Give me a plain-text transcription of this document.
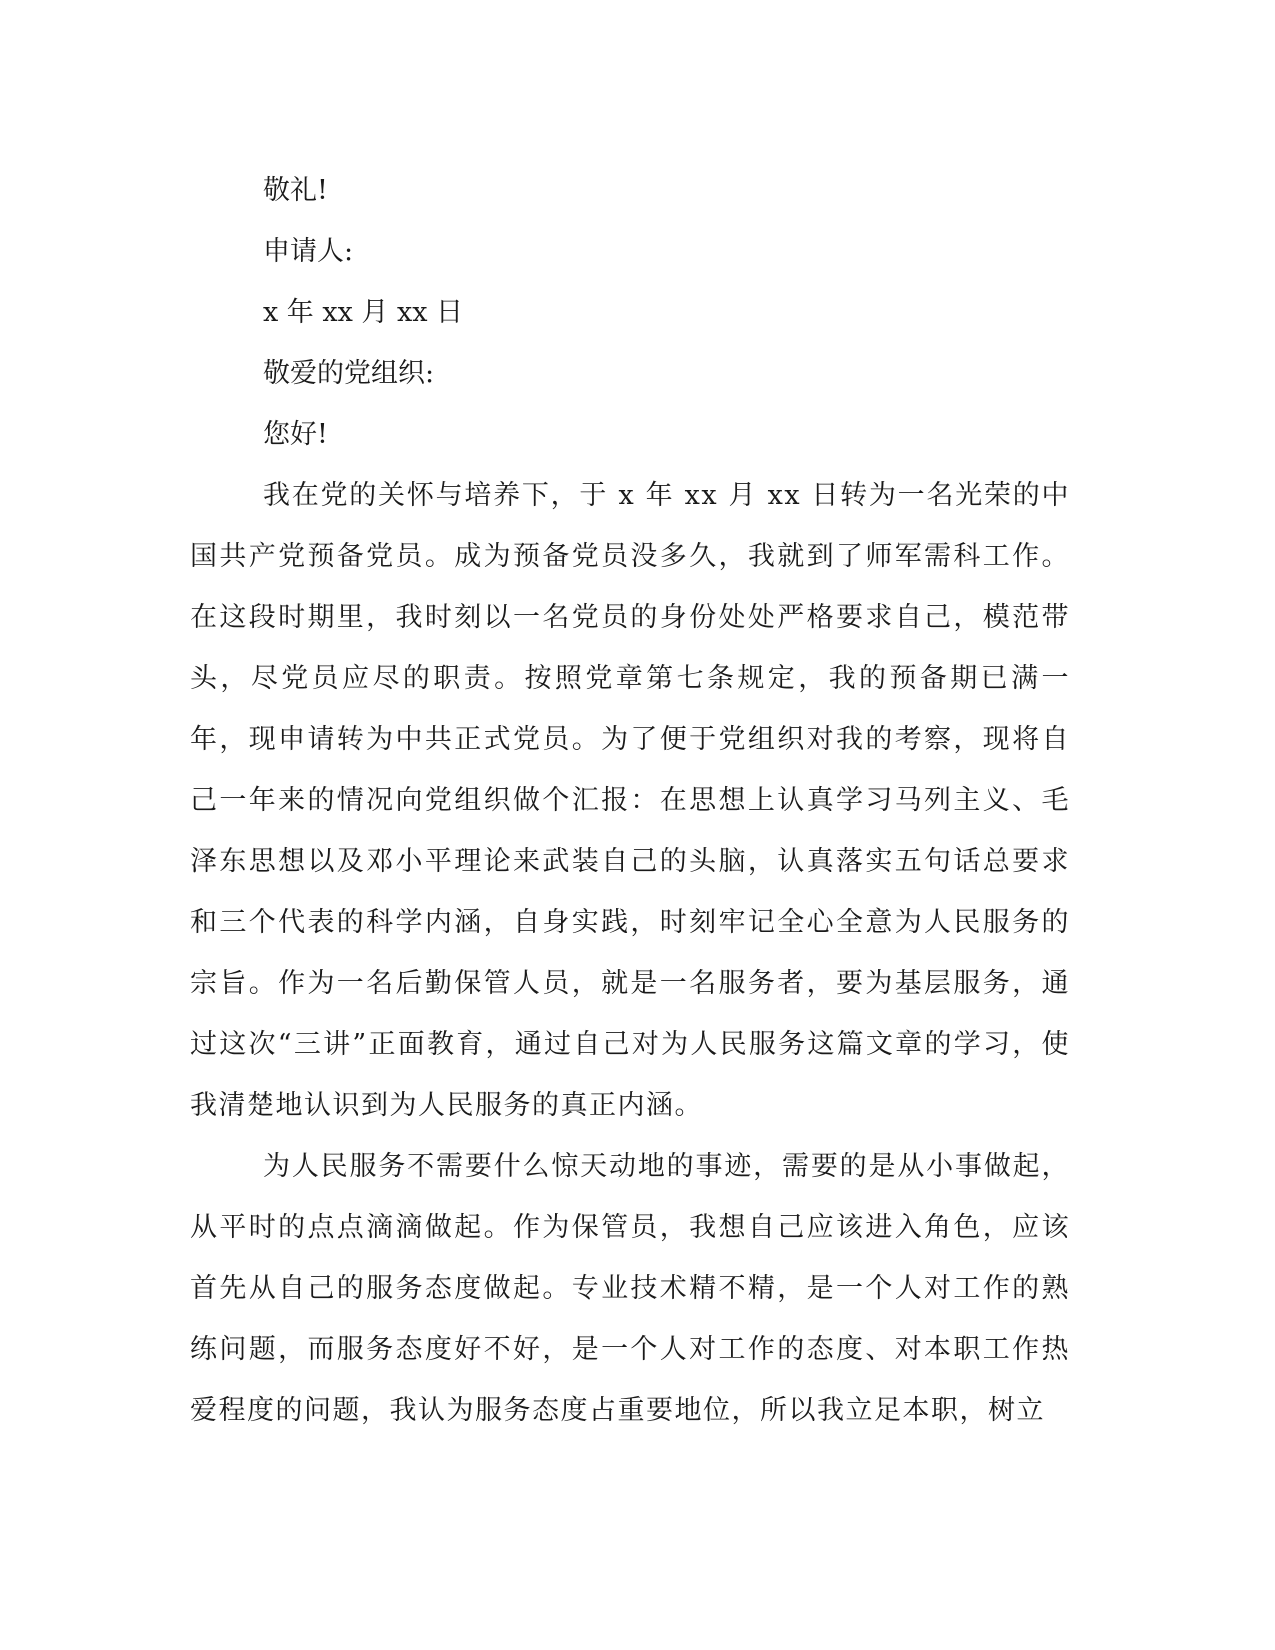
敬礼!

申请人:

x 年 xx 月 xx 日

敬爱的党组织:

您好!

我在党的关怀与培养下，于 x 年 xx 月 xx 日转为一名光荣的中国共产党预备党员。成为预备党员没多久，我就到了师军需科工作。在这段时期里，我时刻以一名党员的身份处处严格要求自己，模范带头，尽党员应尽的职责。按照党章第七条规定，我的预备期已满一年，现申请转为中共正式党员。为了便于党组织对我的考察，现将自己一年来的情况向党组织做个汇报：在思想上认真学习马列主义、毛泽东思想以及邓小平理论来武装自己的头脑，认真落实五句话总要求和三个代表的科学内涵，自身实践，时刻牢记全心全意为人民服务的宗旨。作为一名后勤保管人员，就是一名服务者，要为基层服务，通过这次“三讲”正面教育，通过自己对为人民服务这篇文章的学习，使我清楚地认识到为人民服务的真正内涵。

为人民服务不需要什么惊天动地的事迹，需要的是从小事做起，从平时的点点滴滴做起。作为保管员，我想自己应该进入角色，应该首先从自己的服务态度做起。专业技术精不精，是一个人对工作的熟练问题，而服务态度好不好，是一个人对工作的态度、对本职工作热爱程度的问题，我认为服务态度占重要地位，所以我立足本职，树立
